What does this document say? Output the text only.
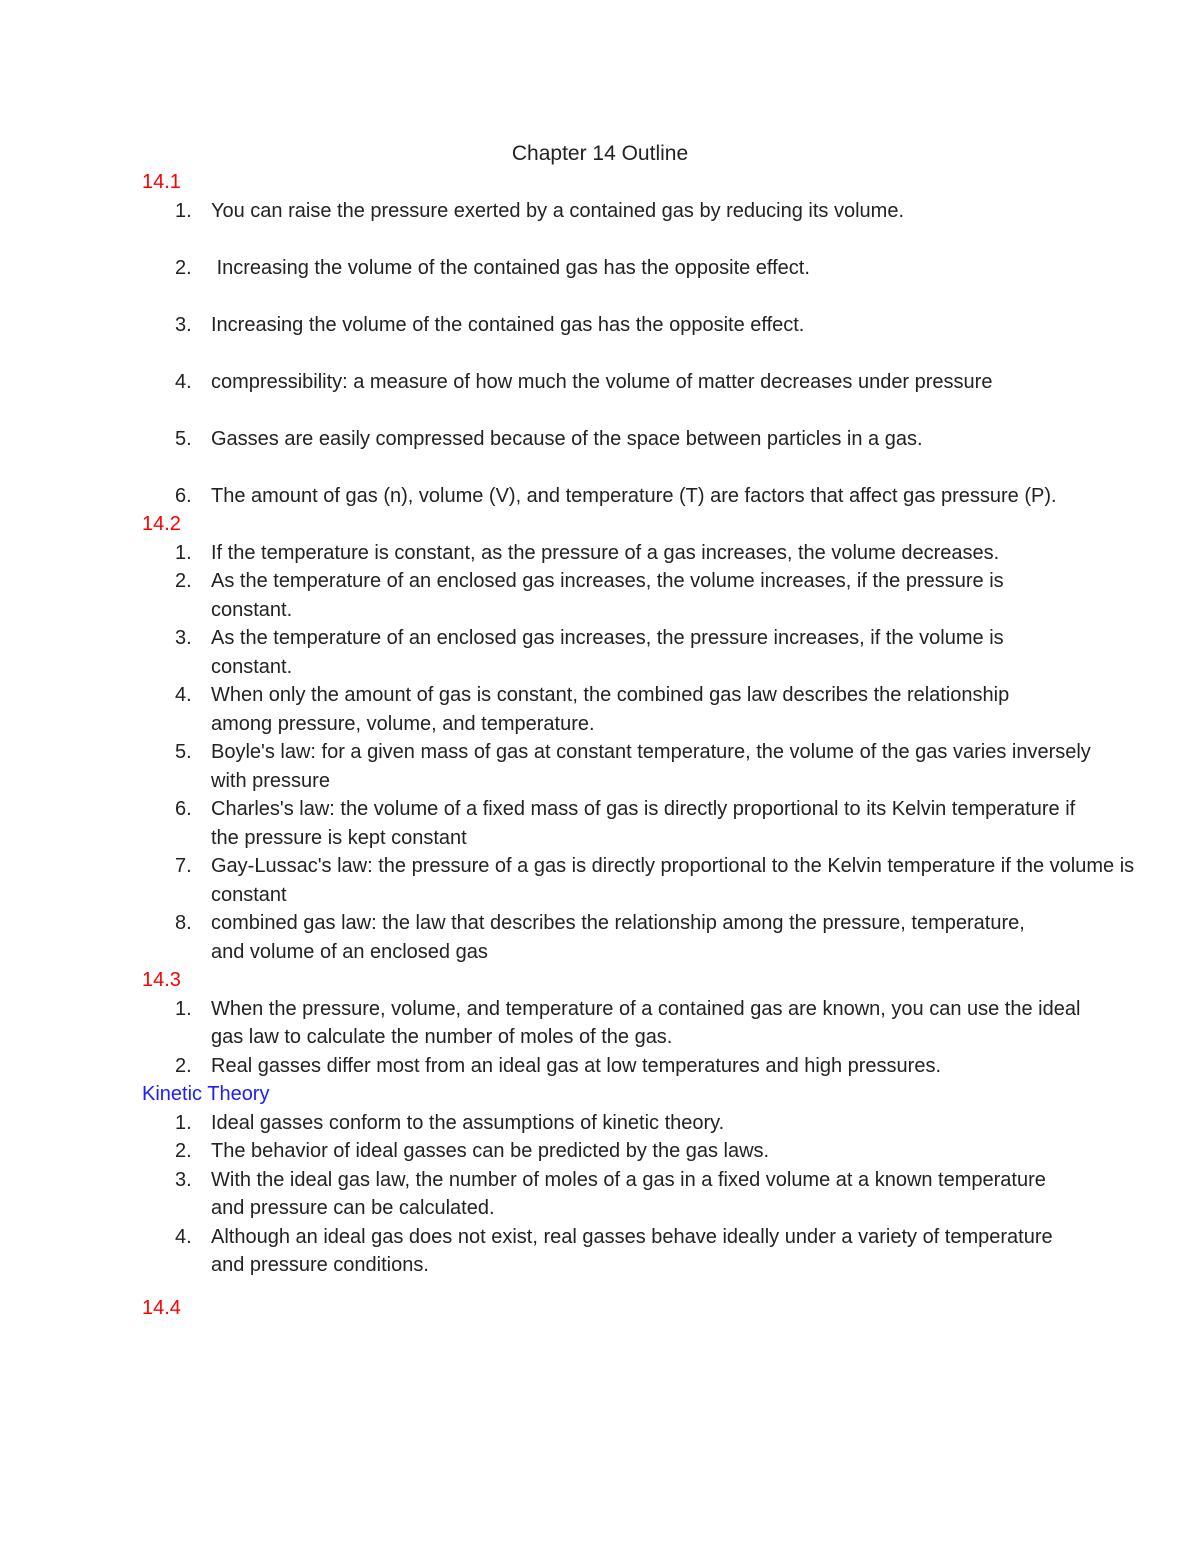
Chapter 14 Outline
14.1
1. You can raise the pressure exerted by a contained gas by reducing its volume.
2. Increasing the volume of the contained gas has the opposite effect.
3. Increasing the volume of the contained gas has the opposite effect.
4. compressibility: a measure of how much the volume of matter decreases under pressure
5. Gasses are easily compressed because of the space between particles in a gas.
6. The amount of gas (n), volume (V), and temperature (T) are factors that affect gas pressure (P).
14.2
1. If the temperature is constant, as the pressure of a gas increases, the volume decreases.
2. As the temperature of an enclosed gas increases, the volume increases, if the pressure is constant.
3. As the temperature of an enclosed gas increases, the pressure increases, if the volume is constant.
4. When only the amount of gas is constant, the combined gas law describes the relationship among pressure, volume, and temperature.
5. Boyle's law: for a given mass of gas at constant temperature, the volume of the gas varies inversely with pressure
6. Charles's law: the volume of a fixed mass of gas is directly proportional to its Kelvin temperature if the pressure is kept constant
7. Gay-Lussac's law: the pressure of a gas is directly proportional to the Kelvin temperature if the volume is  constant
8. combined gas law: the law that describes the relationship among the pressure, temperature, and volume of an enclosed gas
14.3
1. When the pressure, volume, and temperature of a contained gas are known, you can use the ideal gas law to calculate the number of moles of the gas.
2. Real gasses differ most from an ideal gas at low temperatures and high pressures.
Kinetic Theory
1. Ideal gasses conform to the assumptions of kinetic theory.
2. The behavior of ideal gasses can be predicted by the gas laws.
3. With the ideal gas law, the number of moles of a gas in a fixed volume at a known temperature and pressure can be calculated.
4. Although an ideal gas does not exist, real gasses behave ideally under a variety of temperature and pressure conditions.
14.4
